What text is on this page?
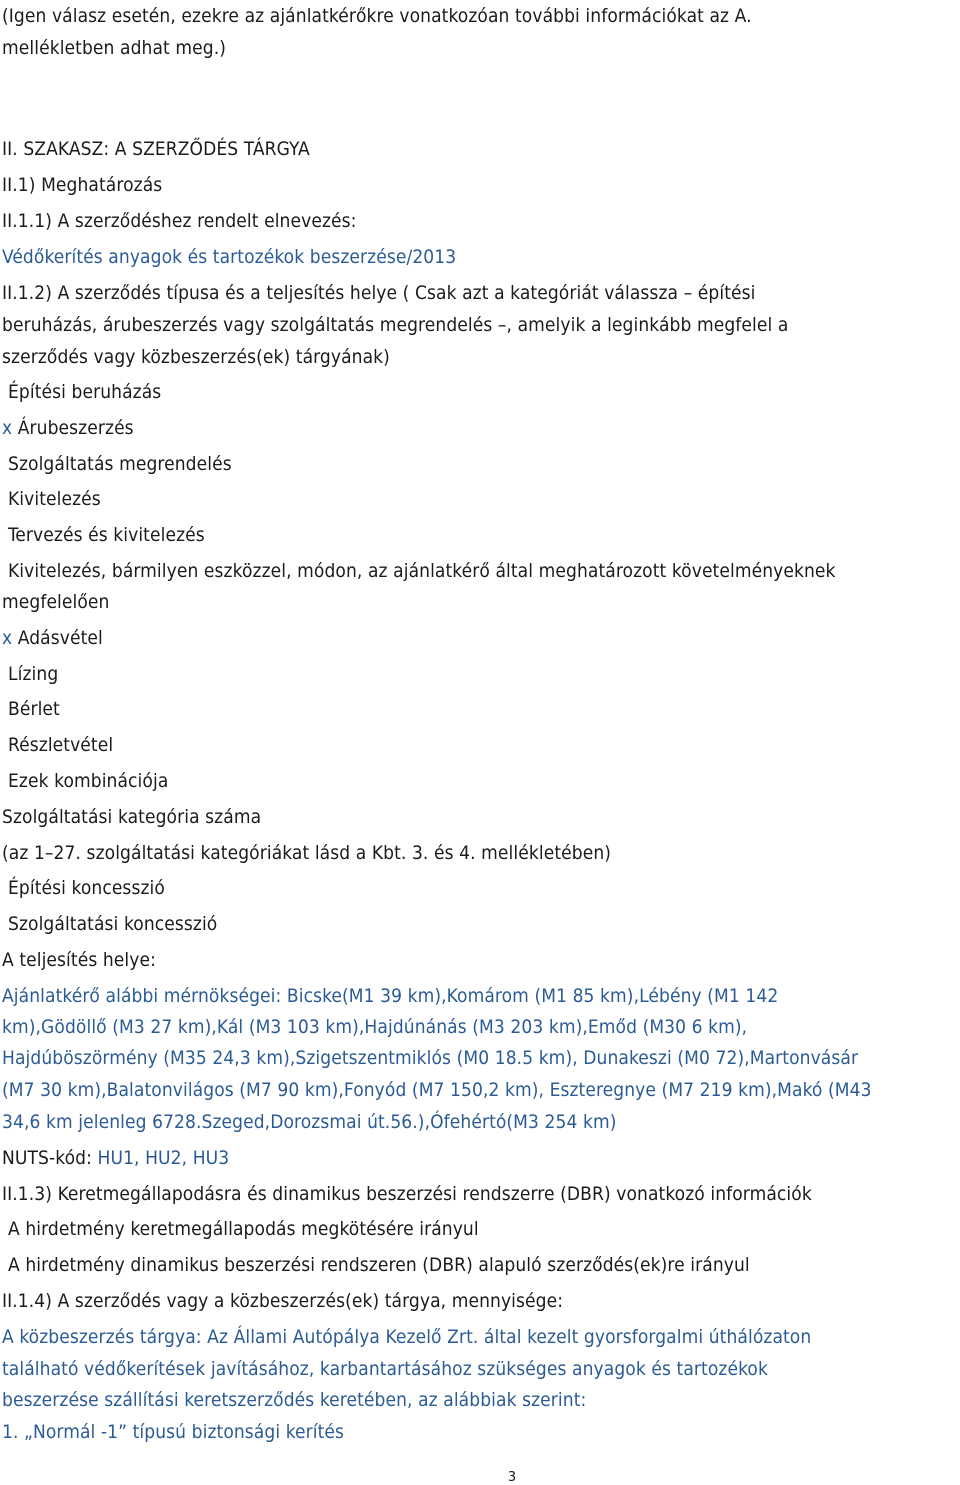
(Igen válasz esetén, ezekre az ajánlatkérőkre vonatkozóan további információkat az A.
mellékletben adhat meg.)
II. SZAKASZ: A SZERZŐDÉS TÁRGYA
II.1) Meghatározás
II.1.1) A szerződéshez rendelt elnevezés:
Védőkerítés anyagok és tartozékok beszerzése/2013
II.1.2) A szerződés típusa és a teljesítés helye ( Csak azt a kategóriát válassza – építési
beruházás, árubeszerzés vagy szolgáltatás megrendelés –, amelyik a leginkább megfelel a
szerződés vagy közbeszerzés(ek) tárgyának)
Építési beruházás
x Árubeszerzés
Szolgáltatás megrendelés
Kivitelezés
Tervezés és kivitelezés
Kivitelezés, bármilyen eszközzel, módon, az ajánlatkérő által meghatározott követelményeknek
megfelelően
x Adásvétel
Lízing
Bérlet
Részletvétel
Ezek kombinációja
Szolgáltatási kategória száma
(az 1–27. szolgáltatási kategóriákat lásd a Kbt. 3. és 4. mellékletében)
Építési koncesszió
Szolgáltatási koncesszió
A teljesítés helye:
Ajánlatkérő alábbi mérnökségei: Bicske(M1 39 km),Komárom (M1 85 km),Lébény (M1 142
km),Gödöllő (M3 27 km),Kál (M3 103 km),Hajdúnánás (M3 203 km),Emőd (M30 6 km),
Hajdúböszörmény (M35 24,3 km),Szigetszentmiklós (M0 18.5 km), Dunakeszi (M0 72),Martonvásár
(M7 30 km),Balatonvilágos (M7 90 km),Fonyód (M7 150,2 km), Eszteregnye (M7 219 km),Makó (M43
34,6 km jelenleg 6728.Szeged,Dorozsmai út.56.),Ófehértó(M3 254 km)
NUTS-kód: HU1, HU2, HU3
II.1.3) Keretmegállapodásra és dinamikus beszerzési rendszerre (DBR) vonatkozó információk
A hirdetmény keretmegállapodás megkötésére irányul
A hirdetmény dinamikus beszerzési rendszeren (DBR) alapuló szerződés(ek)re irányul
II.1.4) A szerződés vagy a közbeszerzés(ek) tárgya, mennyisége:
A közbeszerzés tárgya: Az Állami Autópálya Kezelő Zrt. által kezelt gyorsforgalmi úthálózaton
található védőkerítések javításához, karbantartásához szükséges anyagok és tartozékok
beszerzése szállítási keretszerződés keretében, az alábbiak szerint:
1. „Normál -1” típusú biztonsági kerítés
3
